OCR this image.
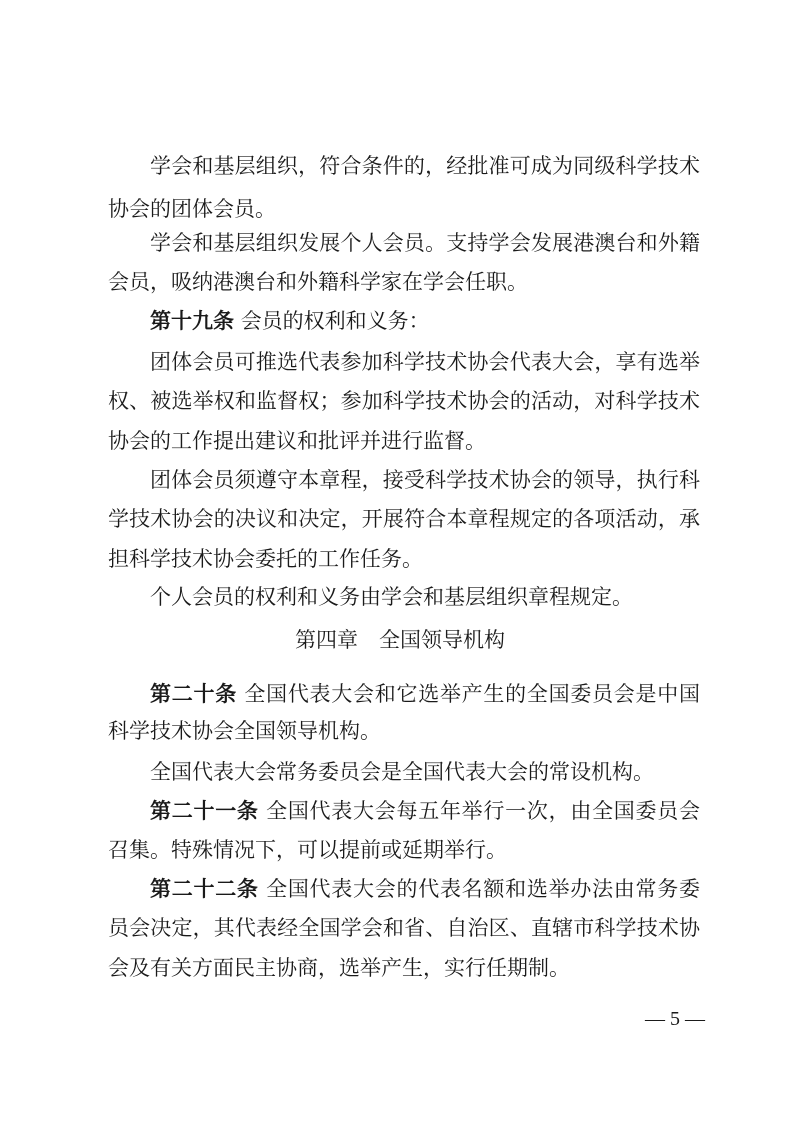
学会和基层组织，符合条件的，经批准可成为同级科学技术
协会的团体会员。
学会和基层组织发展个人会员。支持学会发展港澳台和外籍
会员，吸纳港澳台和外籍科学家在学会任职。
第十九条 会员的权利和义务：
团体会员可推选代表参加科学技术协会代表大会，享有选举
权、被选举权和监督权；参加科学技术协会的活动，对科学技术
协会的工作提出建议和批评并进行监督。
团体会员须遵守本章程，接受科学技术协会的领导，执行科
学技术协会的决议和决定，开展符合本章程规定的各项活动，承
担科学技术协会委托的工作任务。
个人会员的权利和义务由学会和基层组织章程规定。
第四章　全国领导机构
第二十条 全国代表大会和它选举产生的全国委员会是中国
科学技术协会全国领导机构。
全国代表大会常务委员会是全国代表大会的常设机构。
第二十一条 全国代表大会每五年举行一次，由全国委员会
召集。特殊情况下，可以提前或延期举行。
第二十二条 全国代表大会的代表名额和选举办法由常务委
员会决定，其代表经全国学会和省、自治区、直辖市科学技术协
会及有关方面民主协商，选举产生，实行任期制。
— 5 —
